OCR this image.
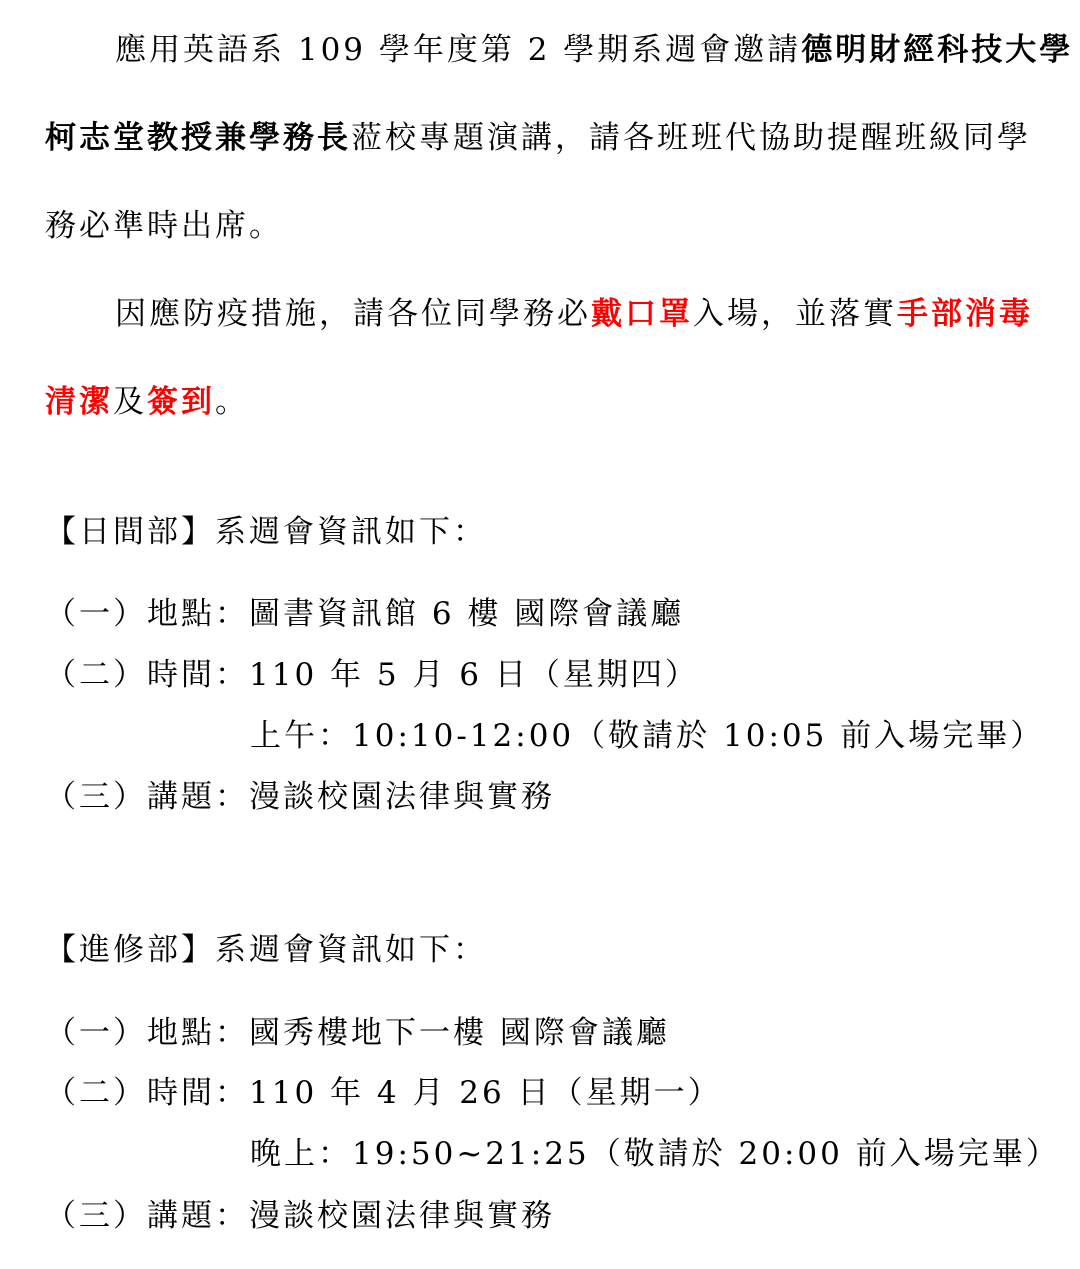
應用英語系 109 學年度第 2 學期系週會邀請德明財經科技大學
柯志堂教授兼學務長蒞校專題演講，請各班班代協助提醒班級同學
務必準時出席。
因應防疫措施，請各位同學務必戴口罩入場，並落實手部消毒
清潔及簽到。
【日間部】系週會資訊如下：
（一）地點：圖書資訊館 6 樓 國際會議廳
（二）時間：110 年 5 月 6 日（星期四）
上午：10:10-12:00（敬請於 10:05 前入場完畢）
（三）講題：漫談校園法律與實務
【進修部】系週會資訊如下：
（一）地點：國秀樓地下一樓 國際會議廳
（二）時間：110 年 4 月 26 日（星期一）
晚上：19:50~21:25（敬請於 20:00 前入場完畢）
（三）講題：漫談校園法律與實務
